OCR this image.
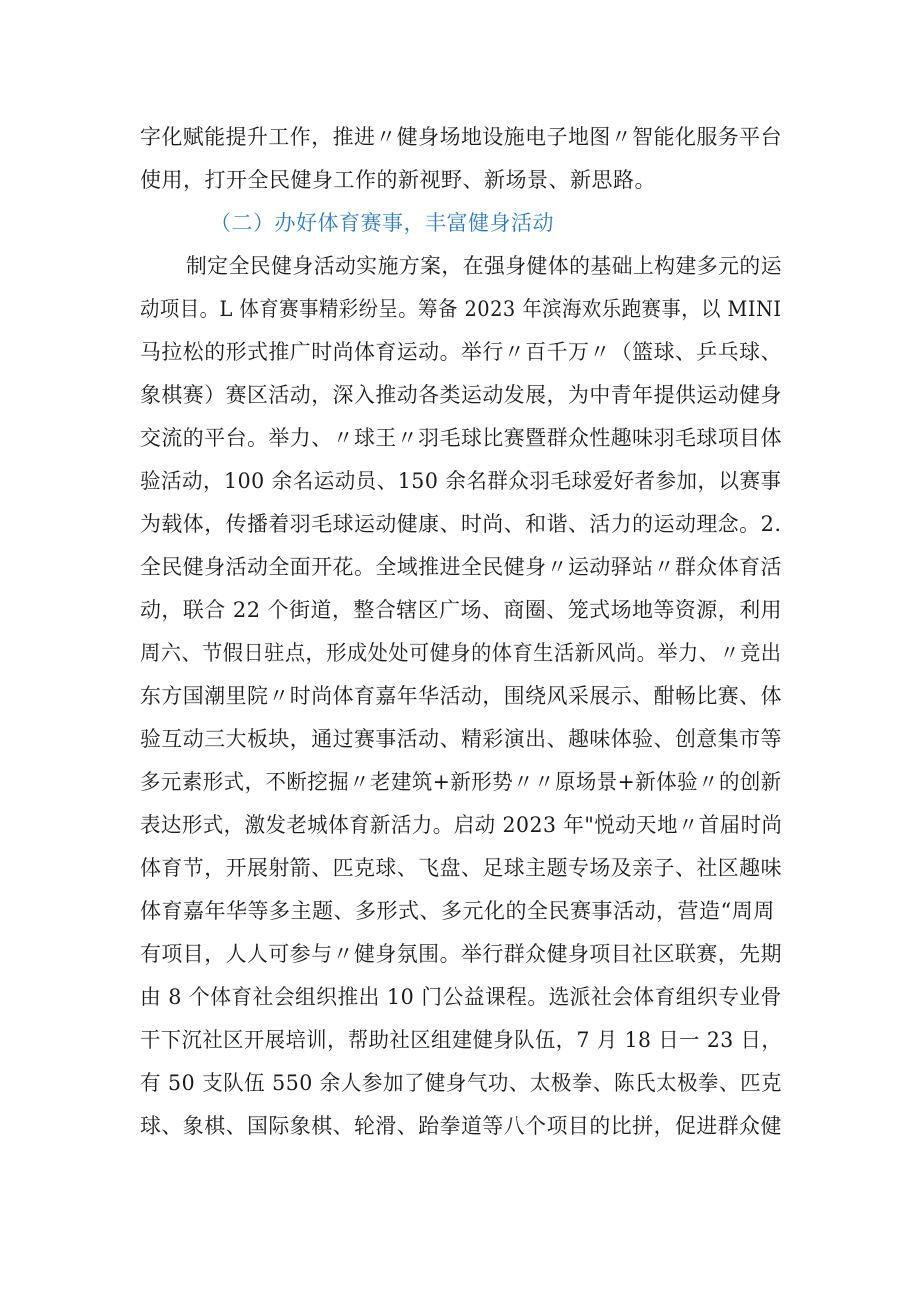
字化赋能提升工作，推进〃健身场地设施电子地图〃智能化服务平台
使用，打开全民健身工作的新视野、新场景、新思路。
（二）办好体育赛事，丰富健身活动
制定全民健身活动实施方案，在强身健体的基础上构建多元的运
动项目。L 体育赛事精彩纷呈。筹备 2023 年滨海欢乐跑赛事，以 MINI
马拉松的形式推广时尚体育运动。举行〃百千万〃（篮球、乒乓球、
象棋赛）赛区活动，深入推动各类运动发展，为中青年提供运动健身
交流的平台。举力、〃球王〃羽毛球比赛暨群众性趣味羽毛球项目体
验活动，100 余名运动员、150 余名群众羽毛球爱好者参加，以赛事
为载体，传播着羽毛球运动健康、时尚、和谐、活力的运动理念。2.
全民健身活动全面开花。全域推进全民健身〃运动驿站〃群众体育活
动，联合 22 个街道，整合辖区广场、商圈、笼式场地等资源，利用
周六、节假日驻点，形成处处可健身的体育生活新风尚。举力、〃竞出
东方国潮里院〃时尚体育嘉年华活动，围绕风采展示、酣畅比赛、体
验互动三大板块，通过赛事活动、精彩演出、趣味体验、创意集市等
多元素形式，不断挖掘〃老建筑+新形势〃〃原场景+新体验〃的创新
表达形式，激发老城体育新活力。启动 2023 年"悦动天地〃首届时尚
体育节，开展射箭、匹克球、飞盘、足球主题专场及亲子、社区趣味
体育嘉年华等多主题、多形式、多元化的全民赛事活动，营造“周周
有项目，人人可参与〃健身氛围。举行群众健身项目社区联赛，先期
由 8 个体育社会组织推出 10 门公益课程。选派社会体育组织专业骨
干下沉社区开展培训，帮助社区组建健身队伍，7 月 18 日一 23 日，
有 50 支队伍 550 余人参加了健身气功、太极拳、陈氏太极拳、匹克
球、象棋、国际象棋、轮滑、跆拳道等八个项目的比拼，促进群众健
